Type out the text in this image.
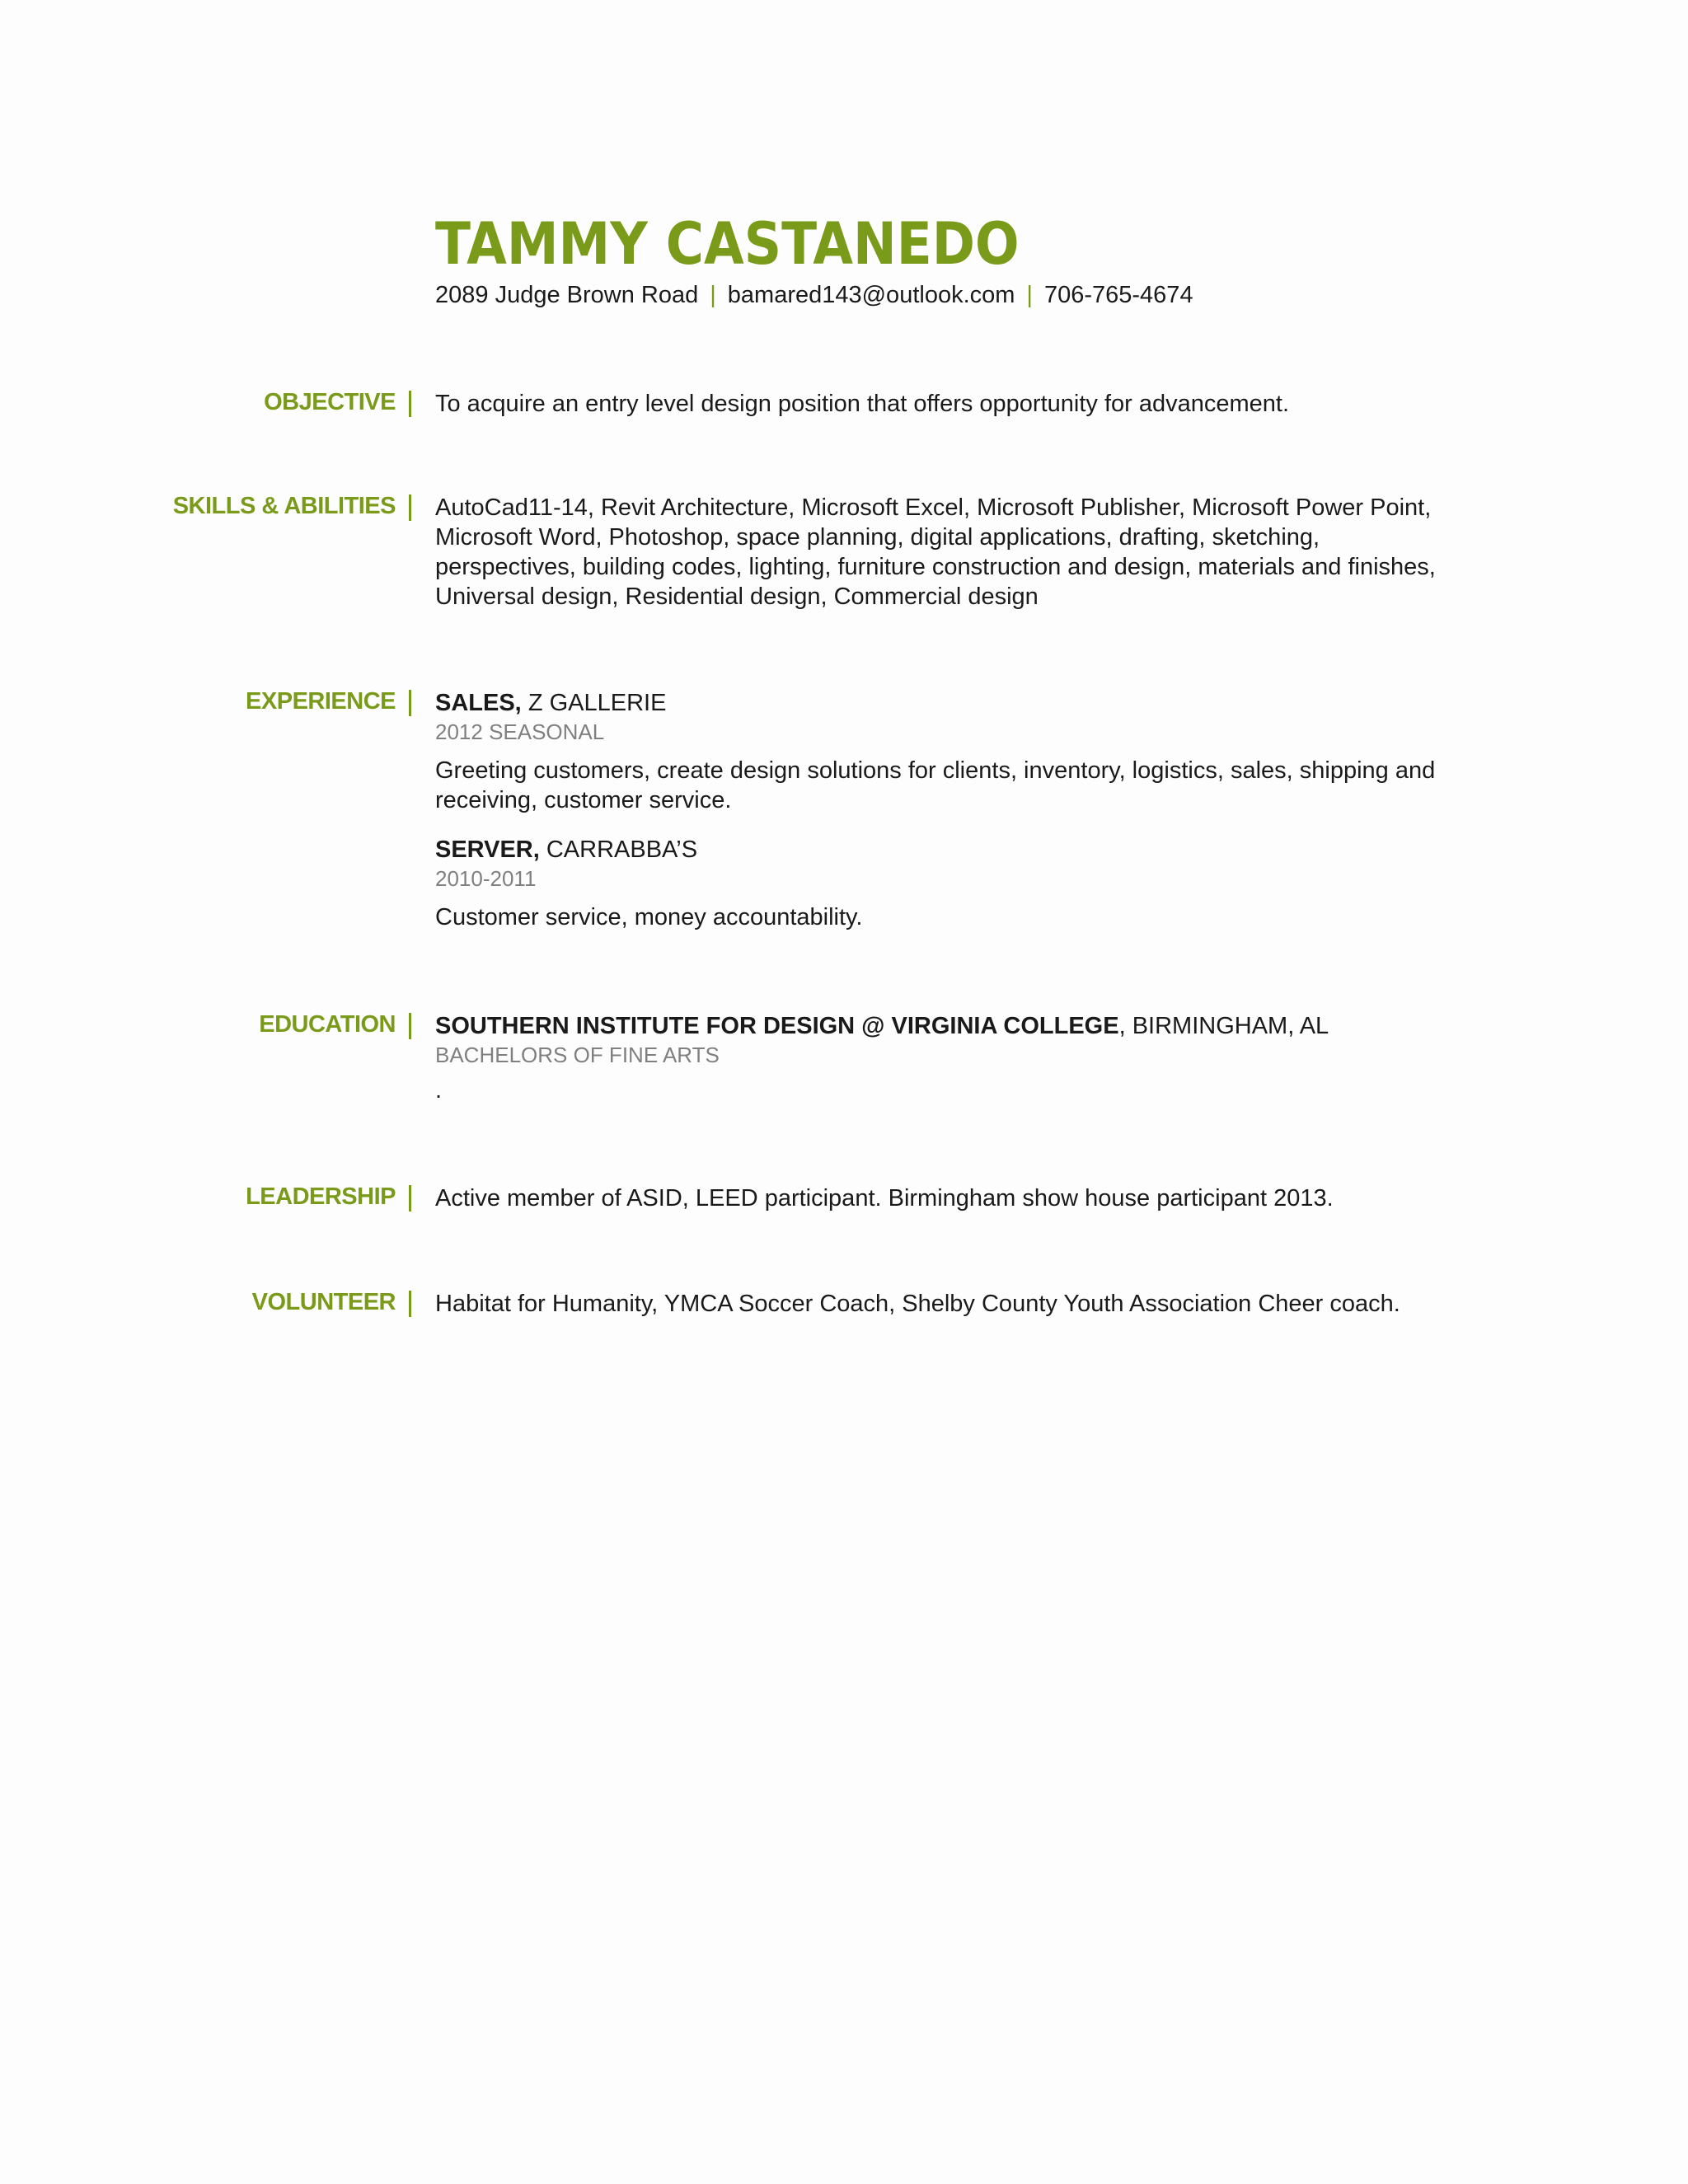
TAMMY CASTANEDO
2089 Judge Brown Road | bamared143@outlook.com | 706-765-4674
OBJECTIVE To acquire an entry level design position that offers opportunity for advancement.
SKILLS & ABILITIES AutoCad11-14, Revit Architecture, Microsoft Excel, Microsoft Publisher, Microsoft Power Point, Microsoft Word, Photoshop, space planning, digital applications, drafting, sketching, perspectives, building codes, lighting, furniture construction and design, materials and finishes, Universal design, Residential design, Commercial design
EXPERIENCE SALES, Z GALLERIE
2012 SEASONAL
Greeting customers, create design solutions for clients, inventory, logistics, sales, shipping and receiving, customer service.
SERVER, CARRABBA’S
2010-2011
Customer service, money accountability.
EDUCATION SOUTHERN INSTITUTE FOR DESIGN @ VIRGINIA COLLEGE, BIRMINGHAM, AL
BACHELORS OF FINE ARTS
.
LEADERSHIP Active member of ASID, LEED participant. Birmingham show house participant 2013.
VOLUNTEER Habitat for Humanity, YMCA Soccer Coach, Shelby County Youth Association Cheer coach.
